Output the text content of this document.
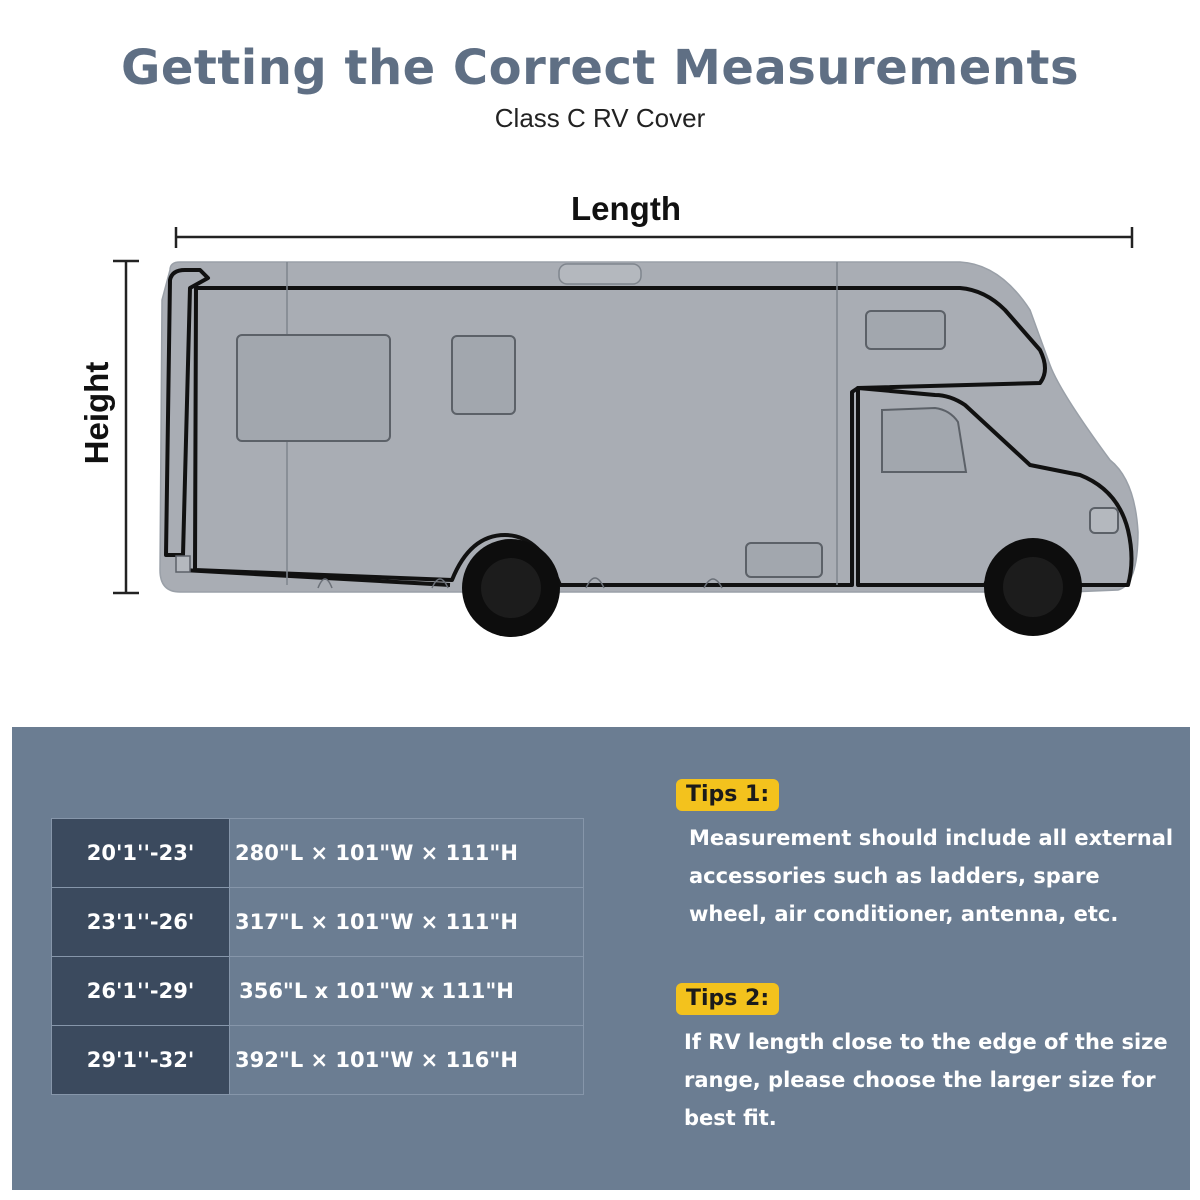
Getting the Correct Measurements
Class C RV Cover
Length
Height
20'1''-23'	280"L × 101"W × 111"H
23'1''-26'	317"L × 101"W × 111"H
26'1''-29'	356"L x 101"W x 111"H
29'1''-32'	392"L × 101"W × 116"H
Tips 1:
Measurement should include all external accessories such as ladders, spare wheel, air conditioner, antenna, etc.
Tips 2:
If RV length close to the edge of the size range, please choose the larger size for best fit.
